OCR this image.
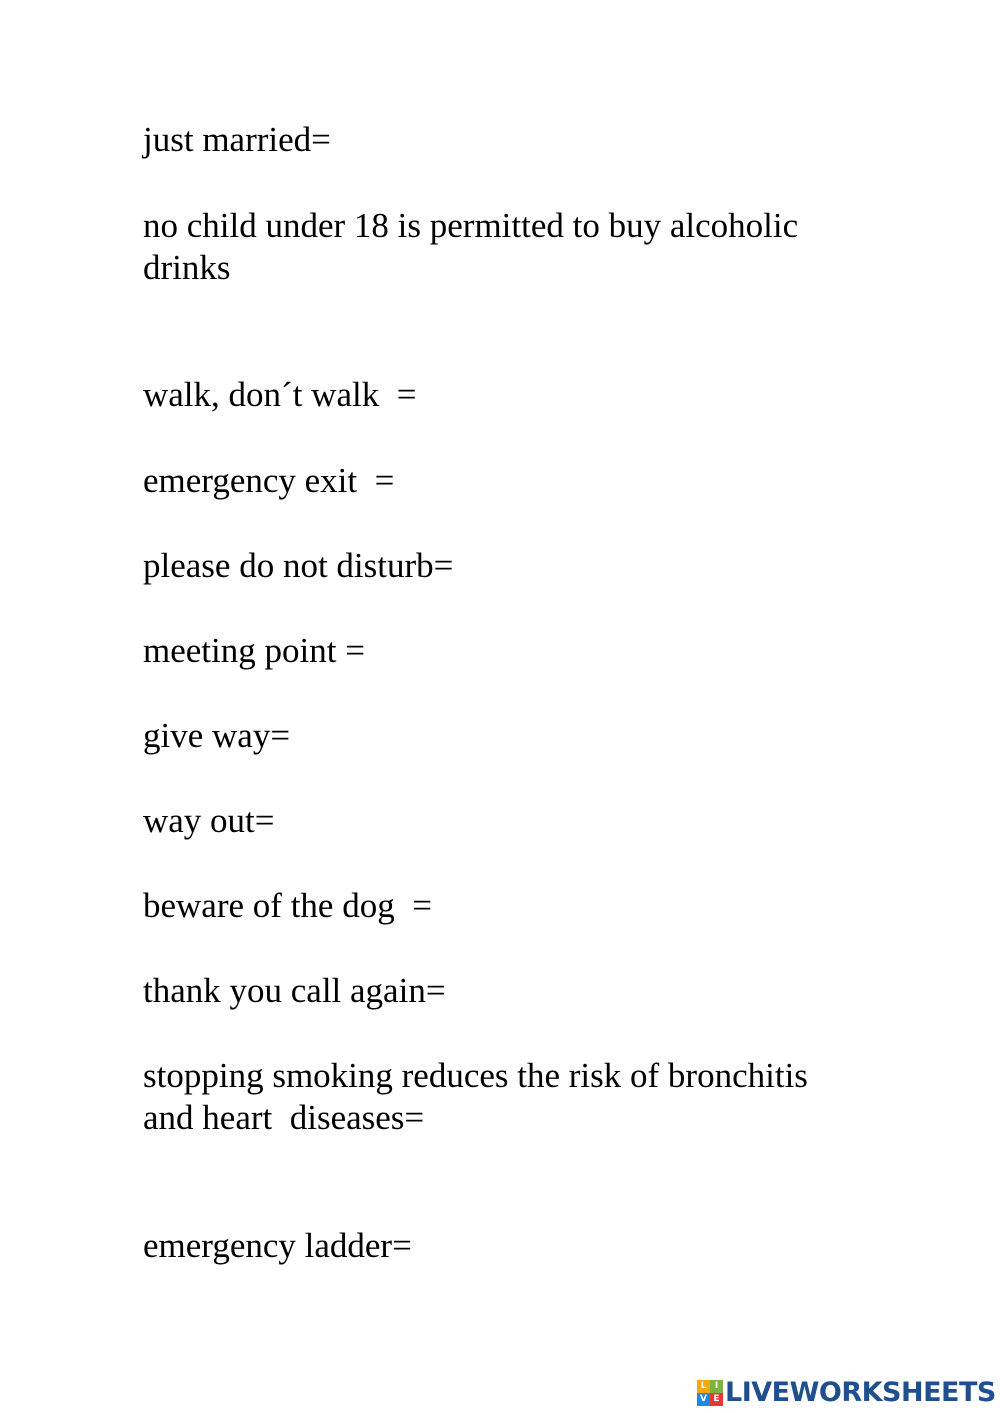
just married=

no child under 18 is permitted to buy alcoholic

drinks

walk, don´t walk  =

emergency exit  =

please do not disturb=

meeting point =

give way=

way out=

beware of the dog  =

thank you call again=

stopping smoking reduces the risk of bronchitis

and heart  diseases=

emergency ladder=

L I
V E LIVEWORKSHEETS
